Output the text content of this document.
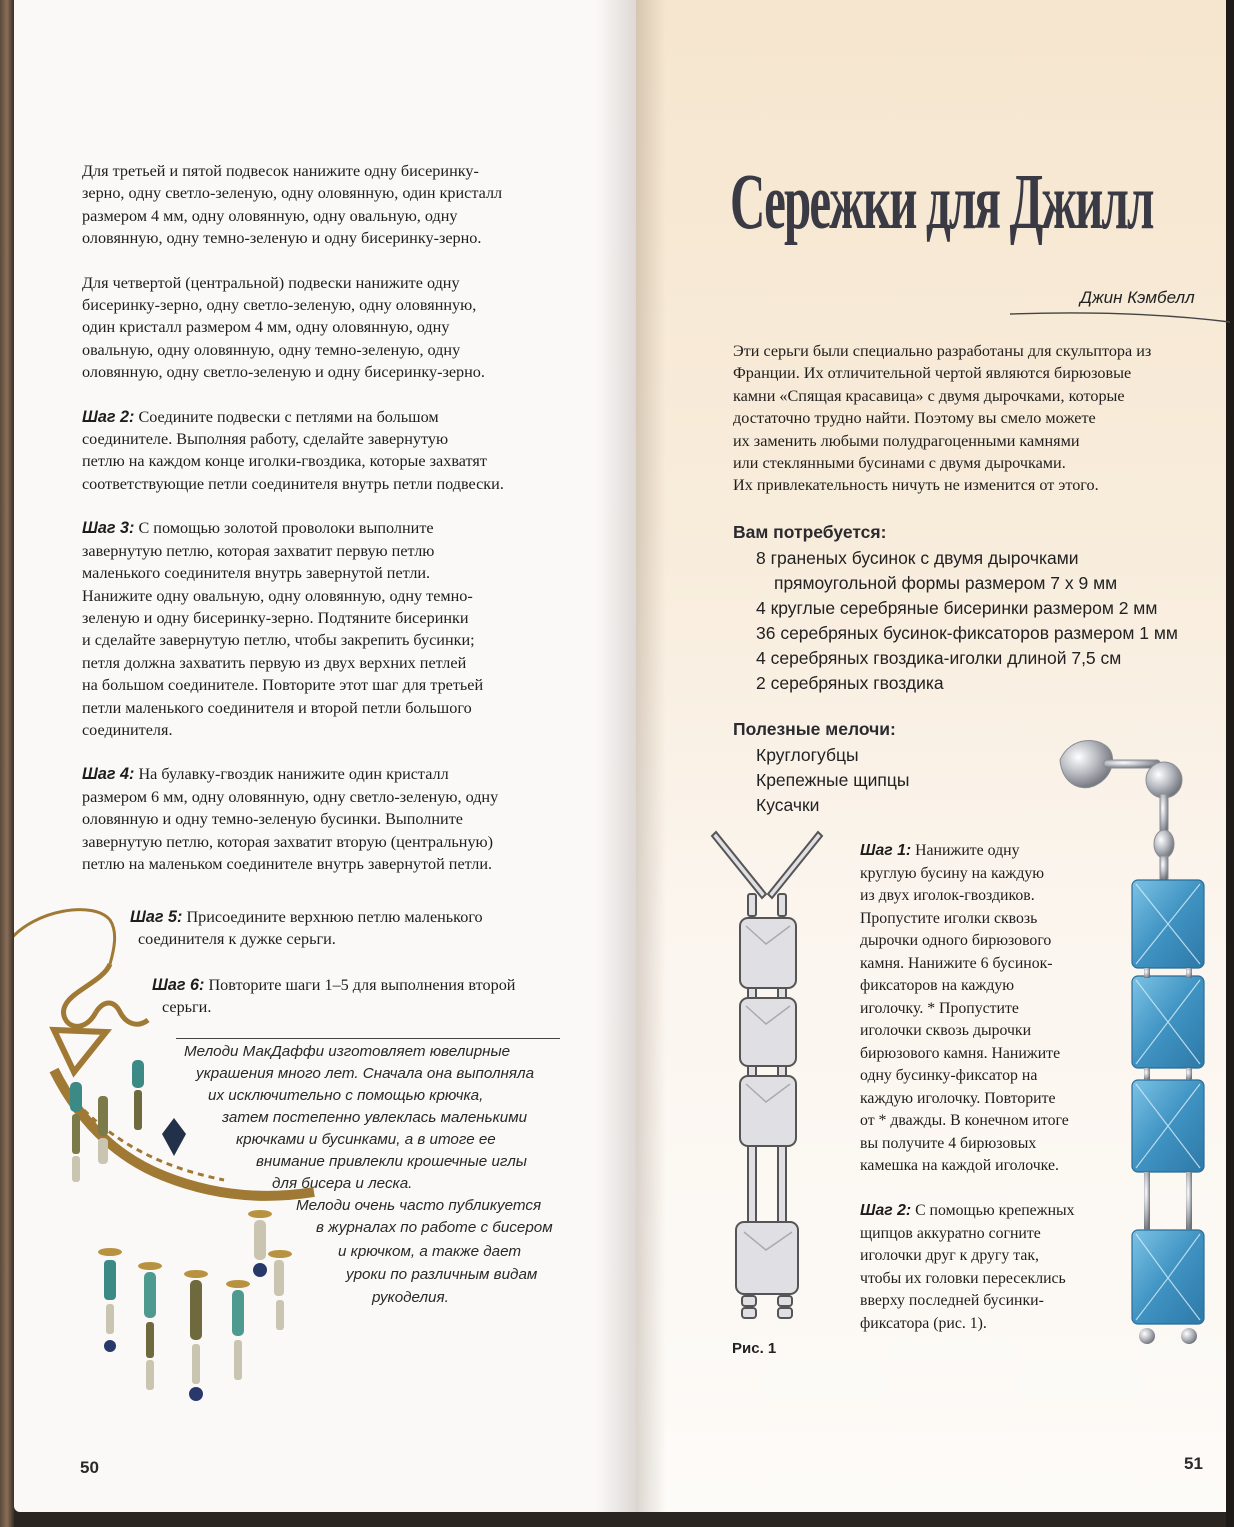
Для третьей и пятой подвесок нанижите одну бисеринку-
зерно, одну светло-зеленую, одну оловянную, один кристалл
размером 4 мм, одну оловянную, одну овальную, одну
оловянную, одну темно-зеленую и одну бисеринку-зерно.

Для четвертой (центральной) подвески нанижите одну
бисеринку-зерно, одну светло-зеленую, одну оловянную,
один кристалл размером 4 мм, одну оловянную, одну
овальную, одну оловянную, одну темно-зеленую, одну
оловянную, одну светло-зеленую и одну бисеринку-зерно.

Шаг 2: Соедините подвески с петлями на большом
соединителе. Выполняя работу, сделайте завернутую
петлю на каждом конце иголки-гвоздика, которые захватят
соответствующие петли соединителя внутрь петли подвески.

Шаг 3: С помощью золотой проволоки выполните
завернутую петлю, которая захватит первую петлю
маленького соединителя внутрь завернутой петли.
Нанижите одну овальную, одну оловянную, одну темно-
зеленую и одну бисеринку-зерно. Подтяните бисеринки
и сделайте завернутую петлю, чтобы закрепить бусинки;
петля должна захватить первую из двух верхних петлей
на большом соединителе. Повторите этот шаг для третьей
петли маленького соединителя и второй петли большого
соединителя.

Шаг 4: На булавку-гвоздик нанижите один кристалл
размером 6 мм, одну оловянную, одну светло-зеленую, одну
оловянную и одну темно-зеленую бусинки. Выполните
завернутую петлю, которая захватит вторую (центральную)
петлю на маленьком соединителе внутрь завернутой петли.

Шаг 5: Присоедините верхнюю петлю маленького
соединителя к дужке серьги.
Шаг 6: Повторите шаги 1–5 для выполнения второй
серьги.
Мелоди МакДаффи изготовляет ювелирные
украшения много лет. Сначала она выполняла
их исключительно с помощью крючка,
затем постепенно увлеклась маленькими
крючками и бусинками, а в итоге ее
внимание привлекли крошечные иглы
для бисера и леска.
Мелоди очень часто публикуется
в журналах по работе с бисером
и крючком, а также дает
уроки по различным видам
рукоделия.
50
Сережки для Джилл
Джин Кэмбелл
Эти серьги были специально разработаны для скульптора из
Франции. Их отличительной чертой являются бирюзовые
камни «Спящая красавица» с двумя дырочками, которые
достаточно трудно найти. Поэтому вы смело можете
их заменить любыми полудрагоценными камнями
или стеклянными бусинами с двумя дырочками.
Их привлекательность ничуть не изменится от этого.
Вам потребуется:
8 граненых бусинок с двумя дырочками
прямоугольной формы размером 7 х 9 мм
4 круглые серебряные бисеринки размером 2 мм
36 серебряных бусинок-фиксаторов размером 1 мм
4 серебряных гвоздика-иголки длиной 7,5 см
2 серебряных гвоздика
Полезные мелочи:
Круглогубцы
Крепежные щипцы
Кусачки
Рис. 1
Шаг 1: Нанижите одну
круглую бусину на каждую
из двух иголок-гвоздиков.
Пропустите иголки сквозь
дырочки одного бирюзового
камня. Нанижите 6 бусинок-
фиксаторов на каждую
иголочку. * Пропустите
иголочки сквозь дырочки
бирюзового камня. Нанижите
одну бусинку-фиксатор на
каждую иголочку. Повторите
от * дважды. В конечном итоге
вы получите 4 бирюзовых
камешка на каждой иголочке.
Шаг 2: С помощью крепежных
щипцов аккуратно согните
иголочки друг к другу так,
чтобы их головки пересеклись
вверху последней бусинки-
фиксатора (рис. 1).
51
